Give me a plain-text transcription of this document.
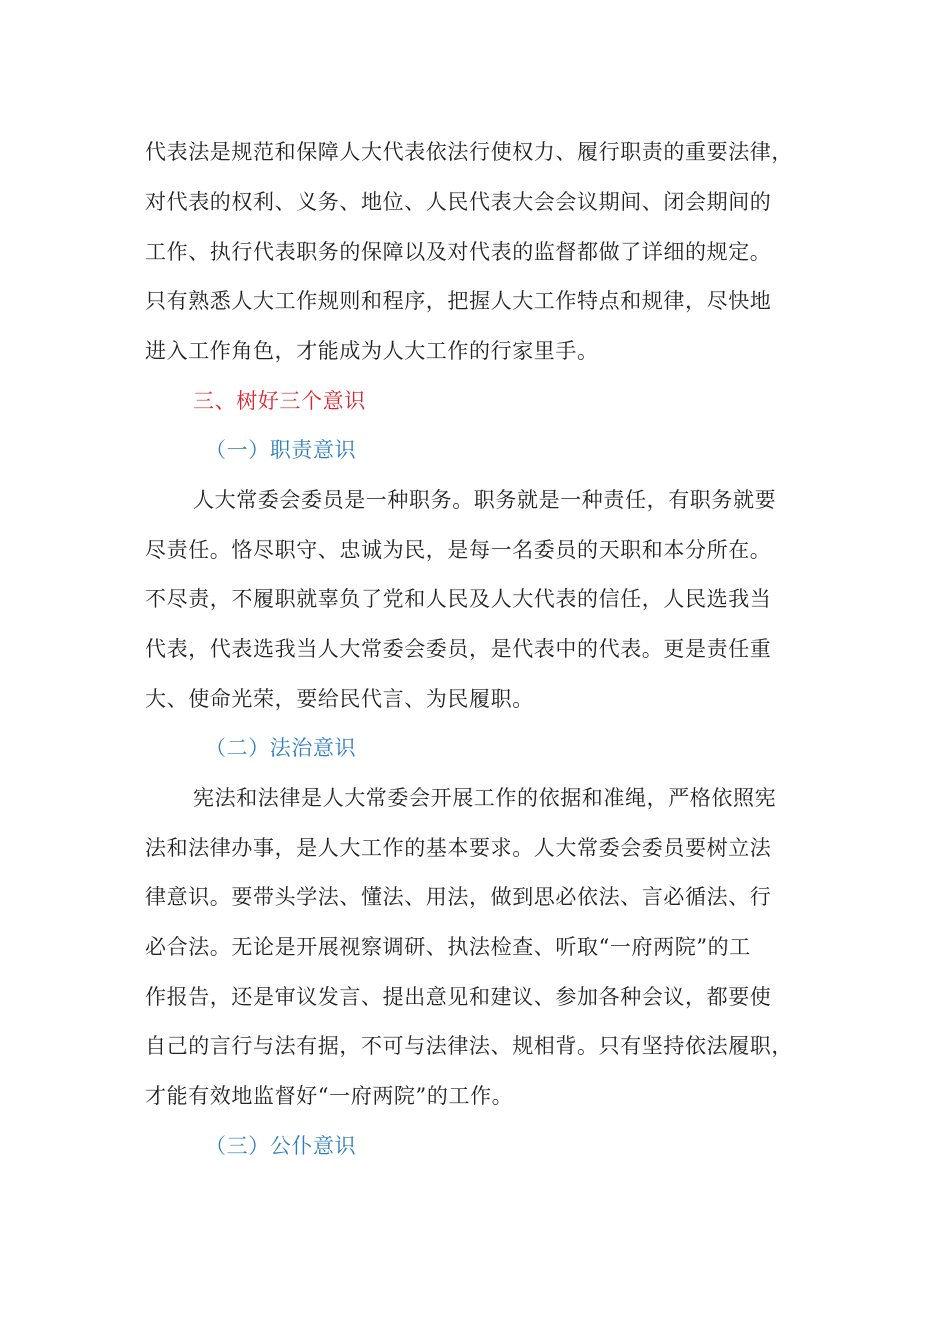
代表法是规范和保障人大代表依法行使权力、履行职责的重要法律，
对代表的权利、义务、地位、人民代表大会会议期间、闭会期间的
工作、执行代表职务的保障以及对代表的监督都做了详细的规定。
只有熟悉人大工作规则和程序，把握人大工作特点和规律，尽快地
进入工作角色，才能成为人大工作的行家里手。
三、树好三个意识
（一）职责意识
人大常委会委员是一种职务。职务就是一种责任，有职务就要
尽责任。恪尽职守、忠诚为民，是每一名委员的天职和本分所在。
不尽责，不履职就辜负了党和人民及人大代表的信任，人民选我当
代表，代表选我当人大常委会委员，是代表中的代表。更是责任重
大、使命光荣，要给民代言、为民履职。
（二）法治意识
宪法和法律是人大常委会开展工作的依据和准绳，严格依照宪
法和法律办事，是人大工作的基本要求。人大常委会委员要树立法
律意识。要带头学法、懂法、用法，做到思必依法、言必循法、行
必合法。无论是开展视察调研、执法检查、听取“一府两院”的工
作报告，还是审议发言、提出意见和建议、参加各种会议，都要使
自己的言行与法有据，不可与法律法、规相背。只有坚持依法履职，
才能有效地监督好“一府两院”的工作。
（三）公仆意识
